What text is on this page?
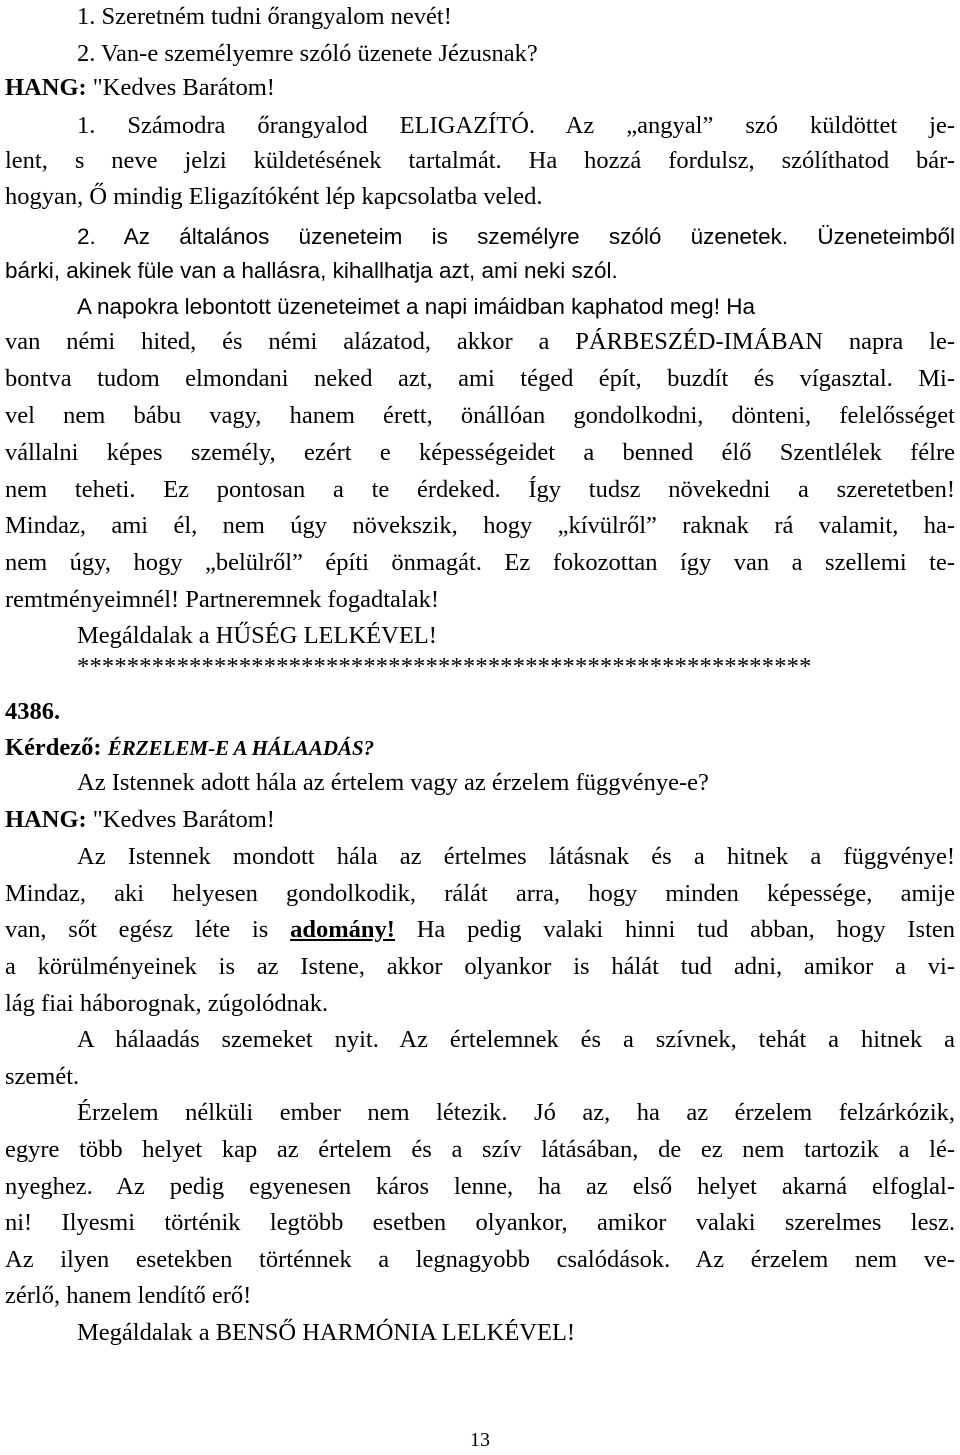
1. Szeretném tudni őrangyalom nevét!
2. Van-e személyemre szóló üzenete Jézusnak?
HANG: "Kedves Barátom!
1. Számodra őrangyalod ELIGAZÍTÓ. Az „angyal” szó küldöttet je-
lent, s neve jelzi küldetésének tartalmát. Ha hozzá fordulsz, szólíthatod bár-
hogyan, Ő mindig Eligazítóként lép kapcsolatba veled.
2. Az általános üzeneteim is személyre szóló üzenetek. Üzeneteimből
bárki, akinek füle van a hallásra, kihallhatja azt, ami neki szól.
A napokra lebontott üzeneteimet a napi imáidban kaphatod meg! Ha
van némi hited, és némi alázatod, akkor a PÁRBESZÉD-IMÁBAN napra le-
bontva tudom elmondani neked azt, ami téged épít, buzdít és vígasztal. Mi-
vel nem bábu vagy, hanem érett, önállóan gondolkodni, dönteni, felelősséget
vállalni képes személy, ezért e képességeidet a benned élő Szentlélek félre
nem teheti. Ez pontosan a te érdeked. Így tudsz növekedni a szeretetben!
Mindaz, ami él, nem úgy növekszik, hogy „kívülről” raknak rá valamit, ha-
nem úgy, hogy „belülről” építi önmagát. Ez fokozottan így van a szellemi te-
remtményeimnél! Partneremnek fogadtalak!
Megáldalak a HŰSÉG LELKÉVEL!
***********************************************************
4386.
Kérdező: ÉRZELEM-E A HÁLAADÁS?
Az Istennek adott hála az értelem vagy az érzelem függvénye-e?
HANG: "Kedves Barátom!
Az Istennek mondott hála az értelmes látásnak és a hitnek a függvénye!
Mindaz, aki helyesen gondolkodik, rálát arra, hogy minden képessége, amije
van, sőt egész léte is adomány! Ha pedig valaki hinni tud abban, hogy Isten
a körülményeinek is az Istene, akkor olyankor is hálát tud adni, amikor a vi-
lág fiai háborognak, zúgolódnak.
A hálaadás szemeket nyit. Az értelemnek és a szívnek, tehát a hitnek a
szemét.
Érzelem nélküli ember nem létezik. Jó az, ha az érzelem felzárkózik,
egyre több helyet kap az értelem és a szív látásában, de ez nem tartozik a lé-
nyeghez. Az pedig egyenesen káros lenne, ha az első helyet akarná elfoglal-
ni! Ilyesmi történik legtöbb esetben olyankor, amikor valaki szerelmes lesz.
Az ilyen esetekben történnek a legnagyobb csalódások. Az érzelem nem ve-
zérlő, hanem lendítő erő!
Megáldalak a BENSŐ HARMÓNIA LELKÉVEL!
13
